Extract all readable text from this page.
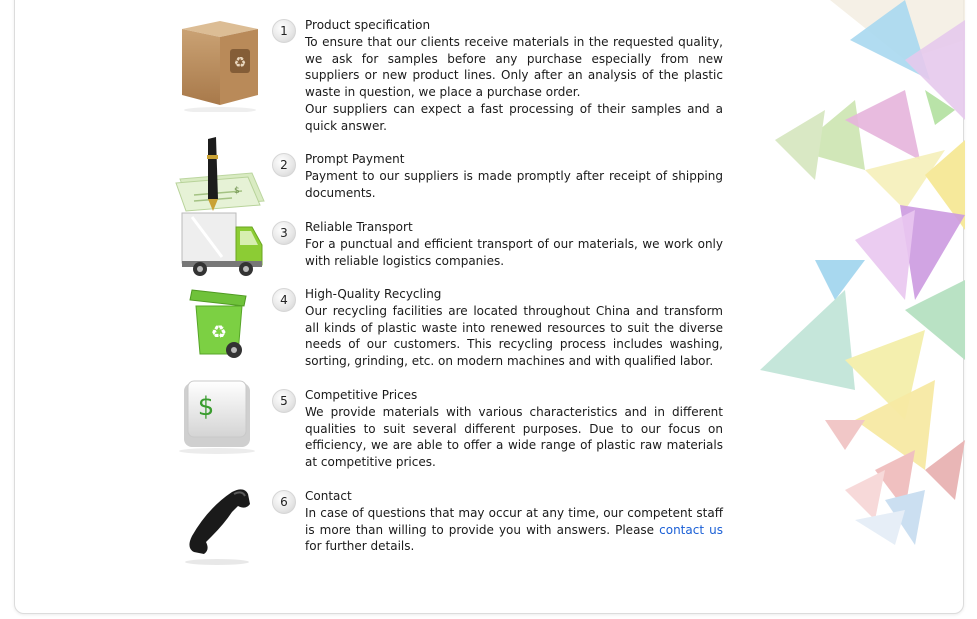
♻
1	Product specification

To ensure that our clients receive materials in the requested quality, we ask for samples before any purchase especially from new suppliers or new product lines. Only after an analysis of the plastic waste in question, we place a purchase order.

Our suppliers can expect a fast processing of their samples and a quick answer.

$
2	Prompt Payment

Payment to our suppliers is made promptly after receipt of shipping documents.

3	Reliable Transport

For a punctual and efficient transport of our materials, we work only with reliable logistics companies.

♻
4	High-Quality Recycling

Our recycling facilities are located throughout China and transform all kinds of plastic waste into renewed resources to suit the diverse needs of our customers. This recycling process includes washing, sorting, grinding, etc. on modern machines and with qualified labor.

$	5	Competitive Prices

We provide materials with various characteristics and in different qualities to suit several different purposes. Due to our focus on efficiency, we are able to offer a wide range of plastic raw materials at competitive prices.

6	Contact

In case of questions that may occur at any time, our competent staff is more than willing to provide you with answers. Please contact us for further details.
